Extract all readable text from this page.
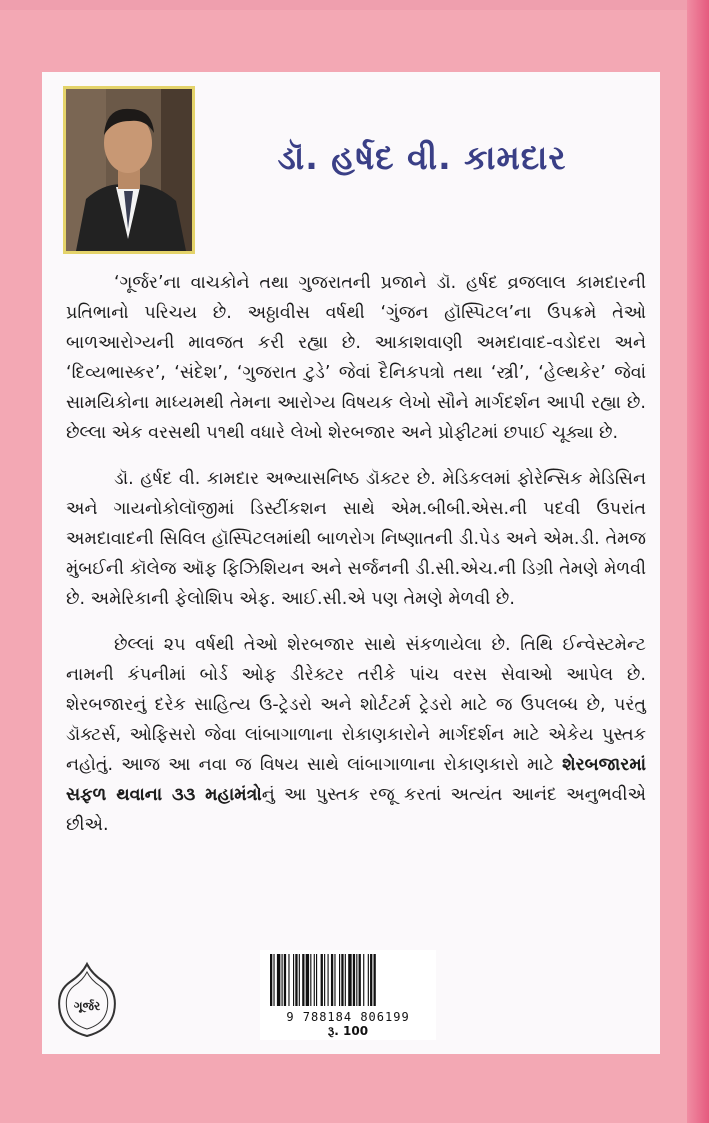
ડૉ. હર્ષદ વી. કામદાર

‘ગૂર્જર’ના વાચકોને તથા ગુજરાતની પ્રજાને ડૉ. હર્ષદ વ્રજલાલ કામદારની પ્રતિભાનો પરિચય છે. અઠ્ઠાવીસ વર્ષથી ‘ગુંજન હૉસ્પિટલ’ના ઉપક્રમે તેઓ બાળઆરોગ્યની માવજત કરી રહ્યા છે. આકાશવાણી અમદાવાદ-વડોદરા અને ‘દિવ્યભાસ્કર’, ‘સંદેશ’, ‘ગુજરાત ટુડે’ જેવાં દૈનિકપત્રો તથા ‘સ્ત્રી’, ‘હેલ્થકેર’ જેવાં સામયિકોના માધ્યમથી તેમના આરોગ્ય વિષયક લેખો સૌને માર્ગદર્શન આપી રહ્યા છે. છેલ્લા એક વરસથી ૫૧થી વધારે લેખો શેરબજાર અને પ્રોફીટમાં છપાઈ ચૂક્યા છે.

ડૉ. હર્ષદ વી. કામદાર અભ્યાસનિષ્ઠ ડૉક્ટર છે. મેડિકલમાં ફોરેન્સિક મેડિસિન અને ગાયનોકોલૉજીમાં ડિસ્ટીંકશન સાથે એમ.બીબી.એસ.ની પદવી ઉપરાંત અમદાવાદની સિવિલ હૉસ્પિટલમાંથી બાળરોગ નિષ્ણાતની ડી.પેડ અને એમ.ડી. તેમજ મુંબઈની કૉલેજ ઑફ ફિઝિશિયન અને સર્જનની ડી.સી.એચ.ની ડિગ્રી તેમણે મેળવી છે. અમેરિકાની ફેલોશિપ એફ. આઈ.સી.એ પણ તેમણે મેળવી છે.

છેલ્લાં ૨૫ વર્ષથી તેઓ શેરબજાર સાથે સંકળાયેલા છે. તિથિ ઈન્વેસ્ટમેન્ટ નામની કંપનીમાં બોર્ડ ઓફ ડીરેક્ટર તરીકે પાંચ વરસ સેવાઓ આપેલ છે. શેરબજારનું દરેક સાહિત્ય ઉ-ટ્રેડરો અને શોર્ટટર્મ ટ્રેડરો માટે જ ઉપલબ્ધ છે, પરંતુ ડૉક્ટર્સ, ઓફિસરો જેવા લાંબાગાળાના રોકાણકારોને માર્ગદર્શન માટે એકેય પુસ્તક નહોતું. આજ આ નવા જ વિષય સાથે લાંબાગાળાના રોકાણકારો માટે શેરબજારમાં સફળ થવાના ૩૩ મહામંત્રોનું આ પુસ્તક રજૂ કરતાં અત્યંત આનંદ અનુભવીએ છીએ.

ગૂર્જર
9 788184 806199
રૂ. 100
